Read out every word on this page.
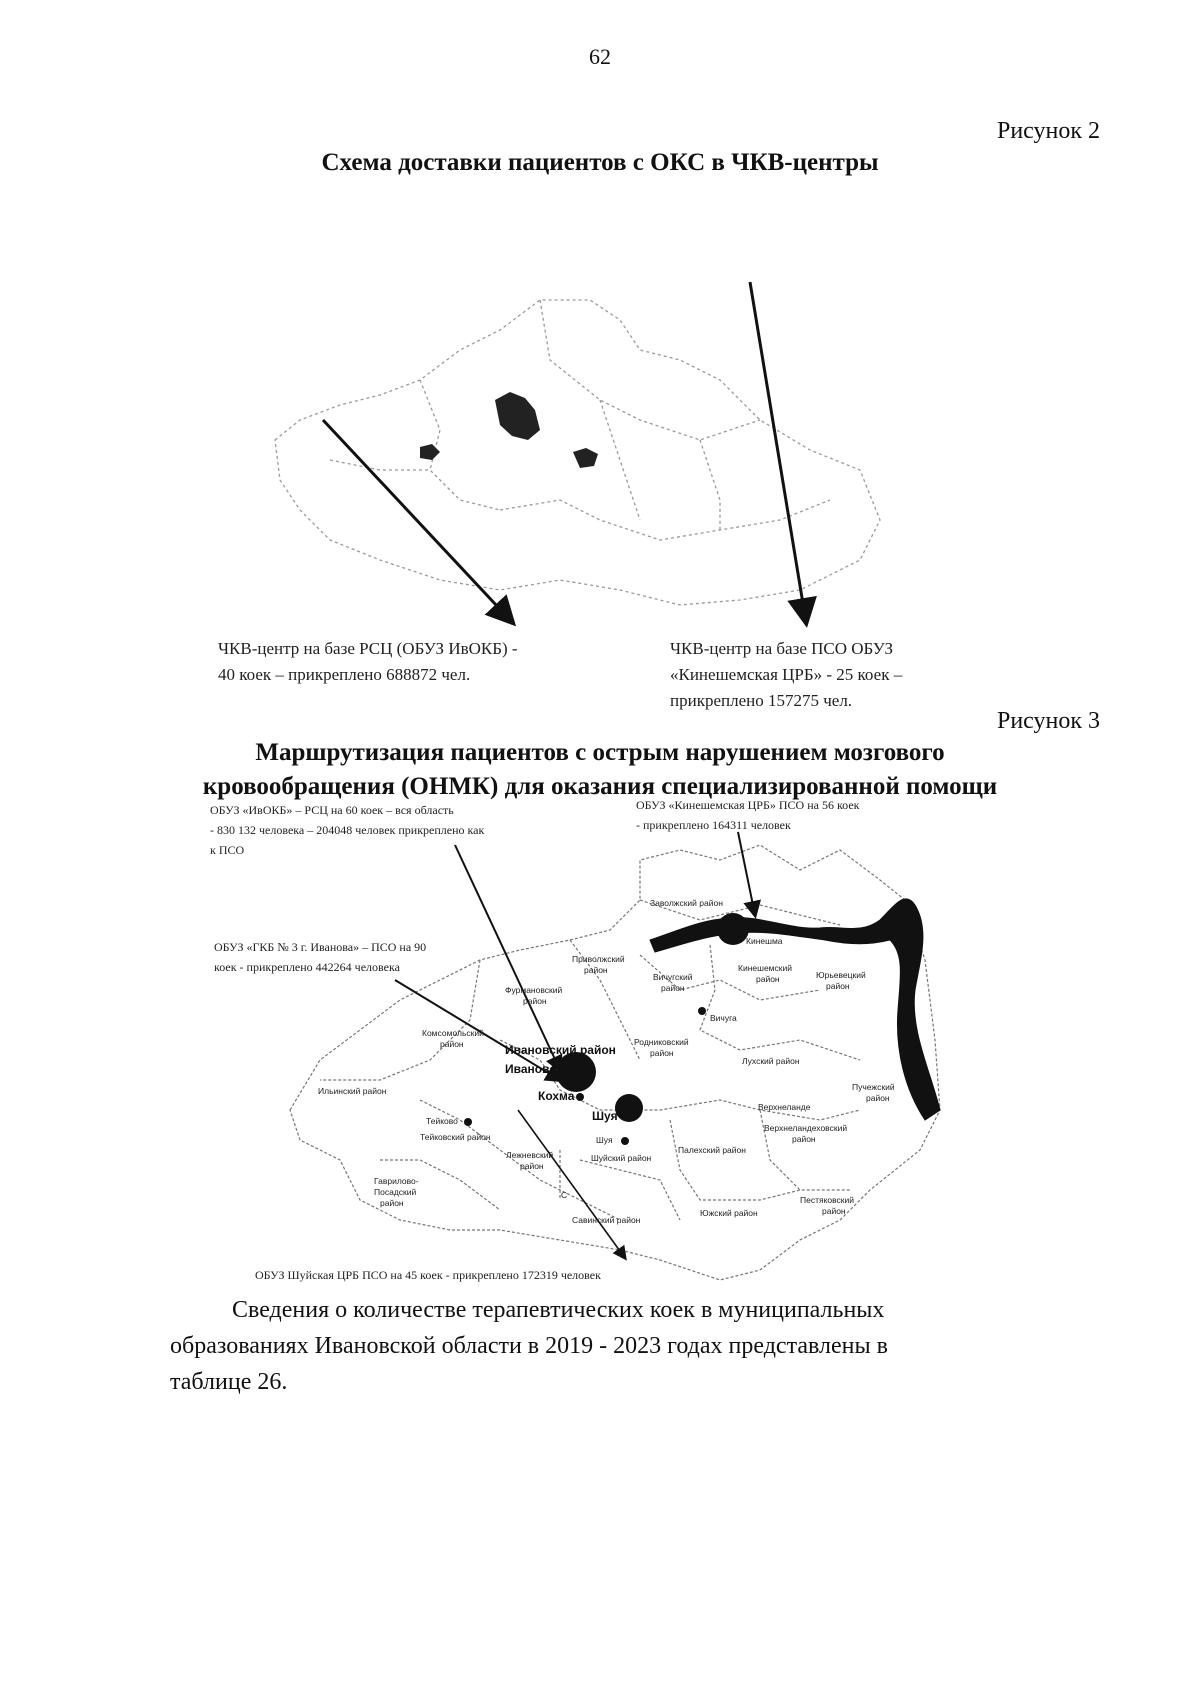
62
Рисунок 2
Схема доставки пациентов с ОКС в ЧКВ-центры
ЧКВ-центр на базе РСЦ (ОБУЗ ИвОКБ) -
40 коек – прикреплено 688872 чел.
ЧКВ-центр на базе ПСО ОБУЗ
«Кинешемская ЦРБ» - 25 коек –
прикреплено 157275 чел.
Рисунок 3
Маршрутизация пациентов с острым нарушением мозгового
кровообращения (ОНМК) для оказания специализированной помощи
ОБУЗ «ИвОКБ» – РСЦ на 60 коек – вся область
- 830 132 человека – 204048 человек прикреплено как
к ПСО
ОБУЗ «Кинешемская ЦРБ» ПСО на 56 коек
- прикреплено 164311 человек
ОБУЗ «ГКБ № 3 г. Иванова» – ПСО на 90
коек - прикреплено 442264 человека
ОБУЗ Шуйская ЦРБ ПСО на 45 коек - прикреплено 172319 человек
Заволжский район
Кинешма
Приволжский
район
Вичугский
район
Кинешемский
район	Юрьевецкий
район
Фурмановский
район
Вичуга
Комсомольский
район	Ивановский район
Иваново
Родниковский
район
Лухский район
Пучежский
район
Ильинский район	Кохма
Шуя
Верхнеланде
Верхнеландеховский
район
Тейково
Тейковский район	Шуя
Шуйский район
Палехский район
Лежневский
район
Гаврилово-
Посадский
район
С
Савинский район
Южский район
Пестяковский
район
Сведения о количестве терапевтических коек в муниципальных
образованиях Ивановской области в 2019 - 2023 годах представлены в
таблице 26.
